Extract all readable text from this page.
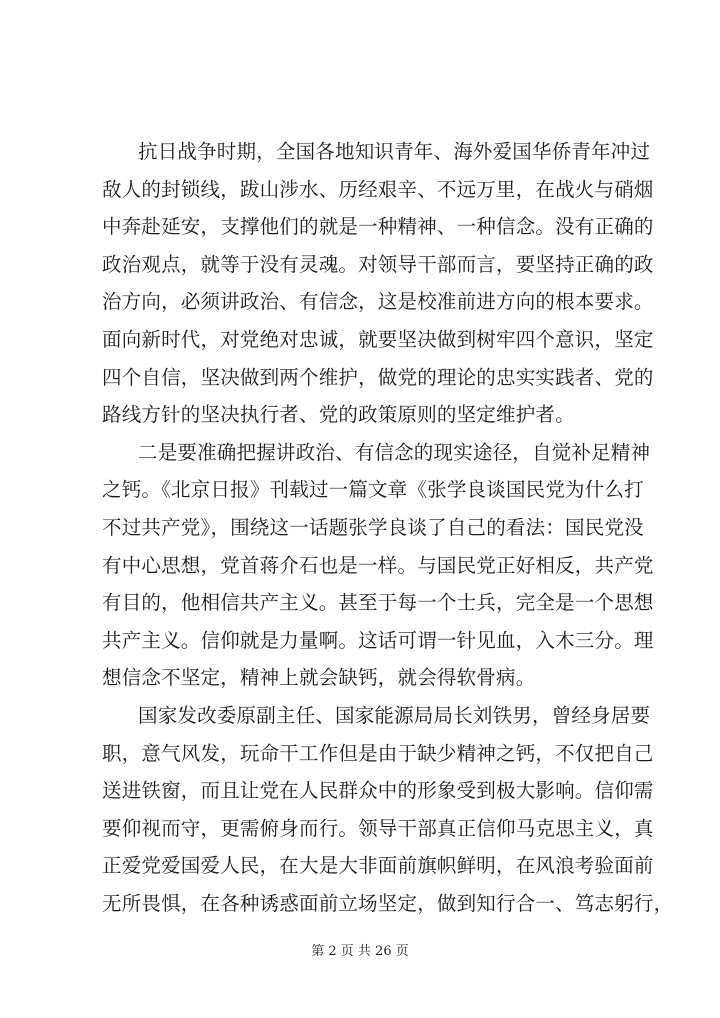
抗日战争时期，全国各地知识青年、海外爱国华侨青年冲过
敌人的封锁线，跋山涉水、历经艰辛、不远万里，在战火与硝烟
中奔赴延安，支撑他们的就是一种精神、一种信念。没有正确的
政治观点，就等于没有灵魂。对领导干部而言，要坚持正确的政
治方向，必须讲政治、有信念，这是校准前进方向的根本要求。
面向新时代，对党绝对忠诚，就要坚决做到树牢四个意识，坚定
四个自信，坚决做到两个维护，做党的理论的忠实实践者、党的
路线方针的坚决执行者、党的政策原则的坚定维护者。

二是要准确把握讲政治、有信念的现实途径，自觉补足精神
之钙。《北京日报》刊载过一篇文章《张学良谈国民党为什么打
不过共产党》，围绕这一话题张学良谈了自己的看法：国民党没
有中心思想，党首蒋介石也是一样。与国民党正好相反，共产党
有目的，他相信共产主义。甚至于每一个士兵，完全是一个思想
共产主义。信仰就是力量啊。这话可谓一针见血，入木三分。理
想信念不坚定，精神上就会缺钙，就会得软骨病。

国家发改委原副主任、国家能源局局长刘铁男，曾经身居要
职，意气风发，玩命干工作但是由于缺少精神之钙，不仅把自己
送进铁窗，而且让党在人民群众中的形象受到极大影响。信仰需
要仰视而守，更需俯身而行。领导干部真正信仰马克思主义，真
正爱党爱国爱人民，在大是大非面前旗帜鲜明，在风浪考验面前
无所畏惧，在各种诱惑面前立场坚定，做到知行合一、笃志躬行，

第 2 页 共 26 页
